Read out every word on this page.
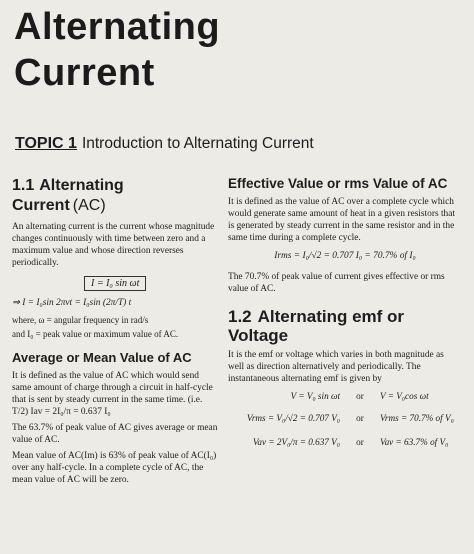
Alternating
Current
TOPIC 1 Introduction to Alternating Current
1.1 Alternating Current (AC)
An alternating current is the current whose magnitude changes continuously with time between zero and a maximum value and whose direction reverses periodically.
I = I₀ sin ωt
⇒ I = I₀sin 2πνt = I₀sin (2π/T) t
where, ω = angular frequency in rad/s
and I₀ = peak value or maximum value of AC.
Average or Mean Value of AC
It is defined as the value of AC which would send same amount of charge through a circuit in half-cycle that is sent by steady current in the same time. (i.e. T/2) Iav = 2I₀/π = 0.637 I₀
The 63.7% of peak value of AC gives average or mean value of AC.
Mean value of AC(Im) is 63% of peak value of AC(I₀) over any half-cycle. In a complete cycle of AC, the mean value of AC will be zero.
Effective Value or rms Value of AC
It is defined as the value of AC over a complete cycle which would generate same amount of heat in a given resistors that is generated by steady current in the same resistor and in the same time during a complete cycle.
Irms = I₀/√2 = 0.707 I₀ = 70.7% of I₀
The 70.7% of peak value of current gives effective or rms value of AC.
1.2 Alternating emf or Voltage
It is the emf or voltage which varies in both magnitude as well as direction alternatively and periodically. The instantaneous alternating emf is given by
V = V₀ sin ωt	or	V = V₀cos ωt
Vrms = V₀/√2 = 0.707 V₀	or	Vrms = 70.7% of V₀
Vav = 2V₀/π = 0.637 V₀	or	Vav = 63.7% of V₀
